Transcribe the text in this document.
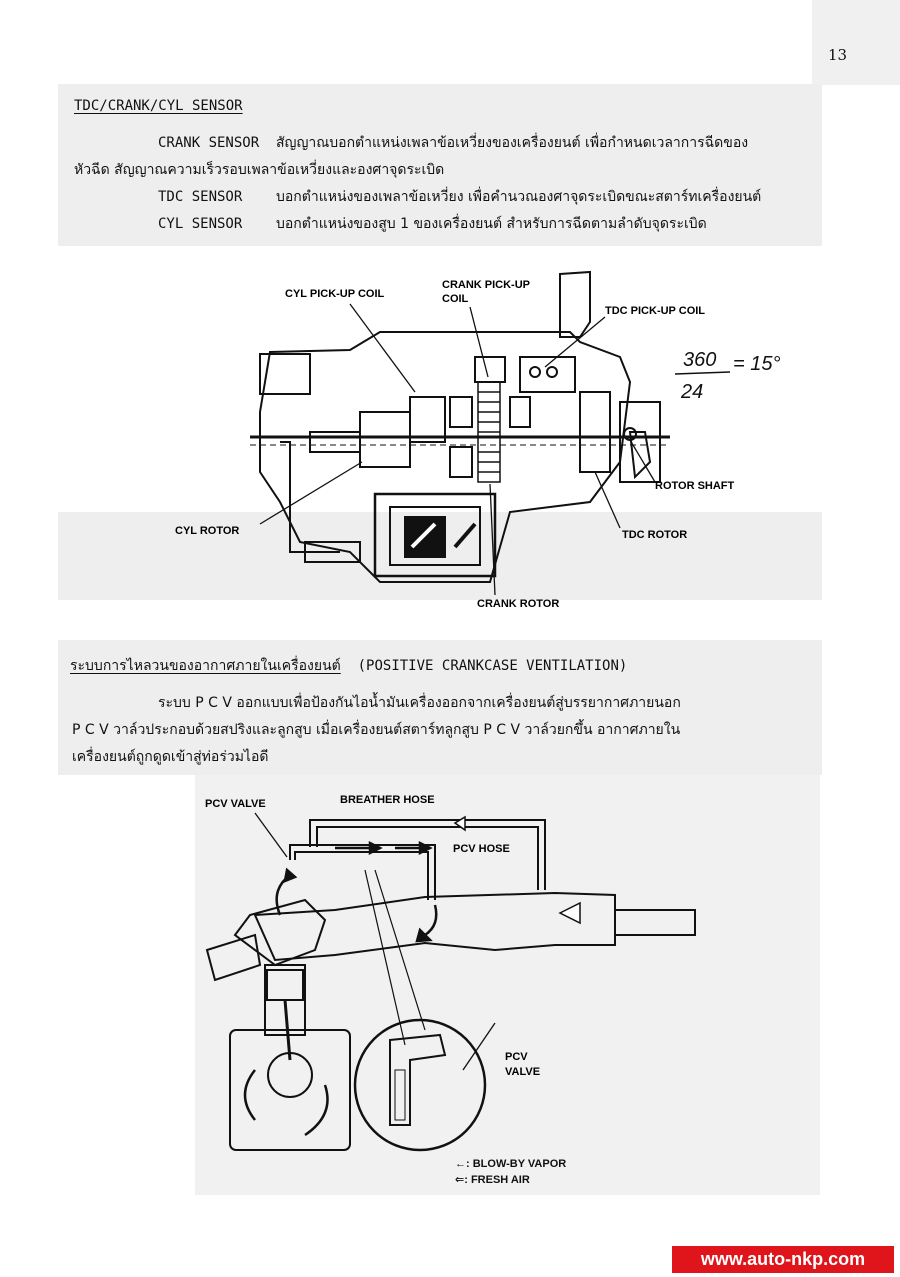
13
TDC/CRANK/CYL SENSOR
CRANK SENSOR สัญญาณบอกตำแหน่งเพลาข้อเหวี่ยงของเครื่องยนต์ เพื่อกำหนดเวลาการฉีดของ
หัวฉีด สัญญาณความเร็วรอบเพลาข้อเหวี่ยงและองศาจุดระเบิด
TDC SENSOR บอกตำแหน่งของเพลาข้อเหวี่ยง เพื่อคำนวณองศาจุดระเบิดขณะสตาร์ทเครื่องยนต์
CYL SENSOR บอกตำแหน่งของสูบ 1 ของเครื่องยนต์ สำหรับการฉีดตามลำดับจุดระเบิด
CYL PICK-UP COIL
CRANK PICK-UP
COIL
TDC PICK-UP COIL
ROTOR SHAFT
CYL ROTOR	TDC ROTOR
CRANK ROTOR
360
24
= 15°
ระบบการไหลวนของอากาศภายในเครื่องยนต์ (POSITIVE CRANKCASE VENTILATION)
ระบบ P C V ออกแบบเพื่อป้องกันไอน้ำมันเครื่องออกจากเครื่องยนต์สู่บรรยากาศภายนอก
P C V วาล์วประกอบด้วยสปริงและลูกสูบ เมื่อเครื่องยนต์สตาร์ทลูกสูบ P C V วาล์วยกขึ้น อากาศภายใน
เครื่องยนต์ถูกดูดเข้าสู่ท่อร่วมไอดี
PCV VALVE	BREATHER HOSE
PCV HOSE
PCV
VALVE
←: BLOW-BY VAPOR
⇐: FRESH AIR
www.auto-nkp.com
